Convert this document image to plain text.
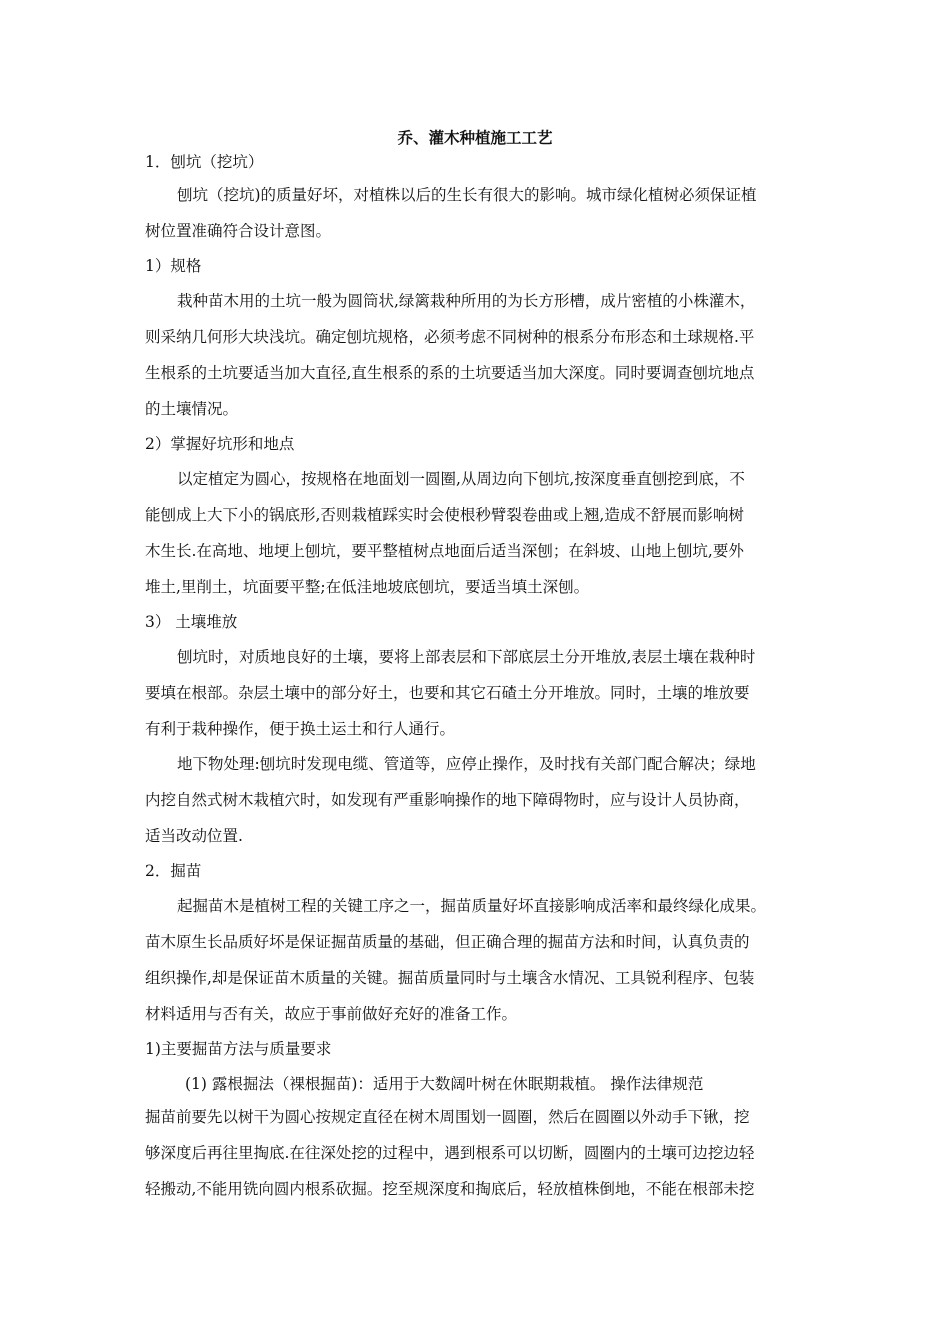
乔、灌木种植施工工艺

1．刨坑（挖坑）

刨坑（挖坑)的质量好坏，对植株以后的生长有很大的影响。城市绿化植树必须保证植

树位置准确符合设计意图。

1）规格

栽种苗木用的土坑一般为圆筒状,绿篱栽种所用的为长方形槽，成片密植的小株灌木，

则采纳几何形大块浅坑。确定刨坑规格，必须考虑不同树种的根系分布形态和土球规格.平

生根系的土坑要适当加大直径,直生根系的系的土坑要适当加大深度。同时要调查刨坑地点

的土壤情况。

2）掌握好坑形和地点

以定植定为圆心，按规格在地面划一圆圈,从周边向下刨坑,按深度垂直刨挖到底，不

能刨成上大下小的锅底形,否则栽植踩实时会使根秒臂裂卷曲或上翘,造成不舒展而影响树

木生长.在高地、地埂上刨坑，要平整植树点地面后适当深刨；在斜坡、山地上刨坑,要外

堆土,里削土，坑面要平整;在低洼地坡底刨坑，要适当填土深刨。

3） 土壤堆放

刨坑时，对质地良好的土壤，要将上部表层和下部底层土分开堆放,表层土壤在栽种时

要填在根部。杂层土壤中的部分好土，也要和其它石碴土分开堆放。同时，土壤的堆放要

有利于栽种操作，便于换土运土和行人通行。

地下物处理:刨坑时发现电缆、管道等，应停止操作，及时找有关部门配合解决；绿地

内挖自然式树木栽植穴时，如发现有严重影响操作的地下障碍物时，应与设计人员协商，

适当改动位置.

2．掘苗

起掘苗木是植树工程的关键工序之一，掘苗质量好坏直接影响成活率和最终绿化成果。

苗木原生长品质好坏是保证掘苗质量的基础，但正确合理的掘苗方法和时间，认真负责的

组织操作,却是保证苗木质量的关键。掘苗质量同时与土壤含水情况、工具锐利程序、包装

材料适用与否有关，故应于事前做好充好的准备工作。

1)主要掘苗方法与质量要求

(1) 露根掘法（裸根掘苗)：适用于大数阔叶树在休眠期栽植。 操作法律规范

掘苗前要先以树干为圆心按规定直径在树木周围划一圆圈，然后在圆圈以外动手下锹，挖

够深度后再往里掏底.在往深处挖的过程中，遇到根系可以切断，圆圈内的土壤可边挖边轻

轻搬动,不能用铣向圆内根系砍掘。挖至规深度和掏底后，轻放植株倒地，不能在根部未挖
